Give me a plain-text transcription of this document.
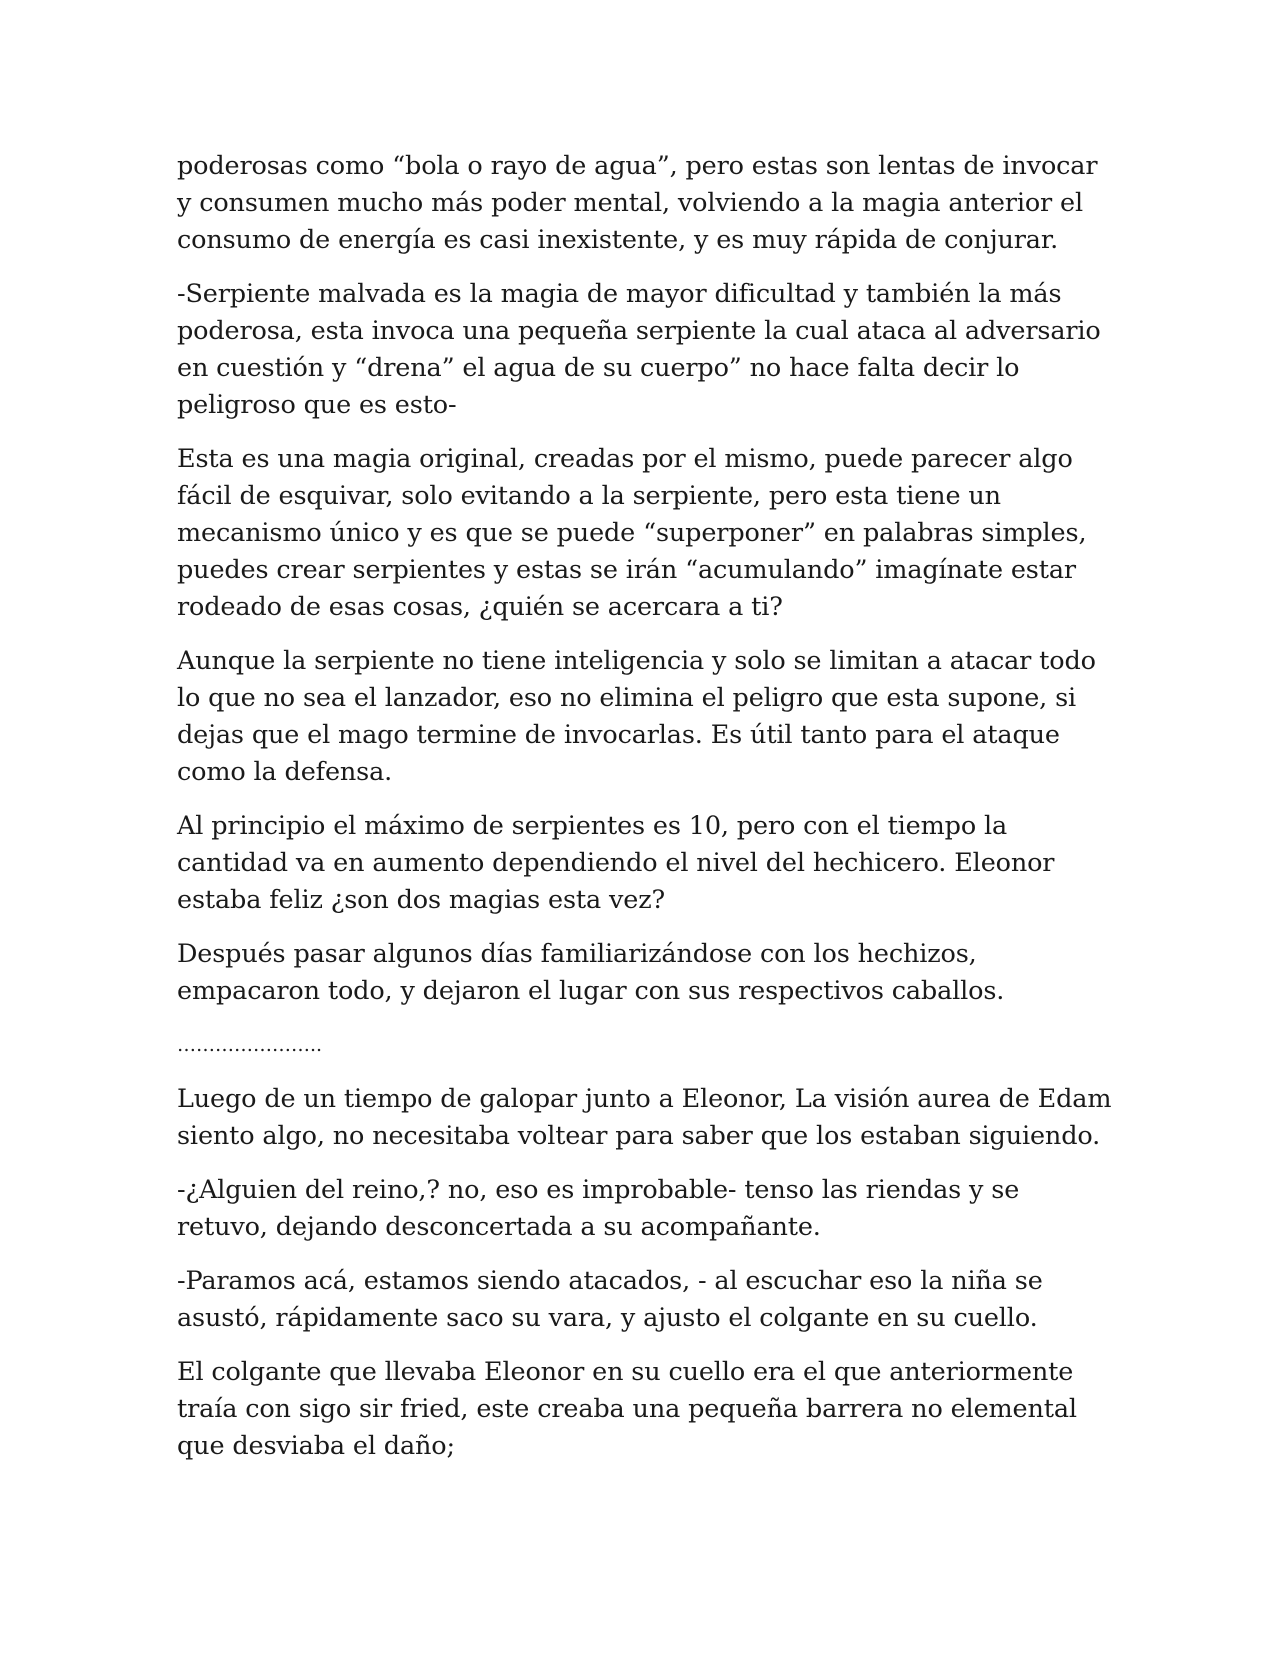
poderosas como “bola o rayo de agua”, pero estas son lentas de invocar y consumen mucho más poder mental, volviendo a la magia anterior el consumo de energía es casi inexistente, y es muy rápida de conjurar.

-Serpiente malvada es la magia de mayor dificultad y también la más poderosa, esta invoca una pequeña serpiente la cual ataca al adversario en cuestión y “drena” el agua de su cuerpo” no hace falta decir lo peligroso que es esto-

Esta es una magia original, creadas por el mismo, puede parecer algo fácil de esquivar, solo evitando a la serpiente, pero esta tiene un mecanismo único y es que se puede “superponer” en palabras simples, puedes crear serpientes y estas se irán “acumulando” imagínate estar rodeado de esas cosas, ¿quién se acercara a ti?

Aunque la serpiente no tiene inteligencia y solo se limitan a atacar todo lo que no sea el lanzador, eso no elimina el peligro que esta supone, si dejas que el mago termine de invocarlas. Es útil tanto para el ataque como la defensa.

Al principio el máximo de serpientes es 10, pero con el tiempo la cantidad va en aumento dependiendo el nivel del hechicero. Eleonor estaba feliz ¿son dos magias esta vez?

Después pasar algunos días familiarizándose con los hechizos, empacaron todo, y dejaron el lugar con sus respectivos caballos.

…………………..

Luego de un tiempo de galopar junto a Eleonor, La visión aurea de Edam siento algo, no necesitaba voltear para saber que los estaban siguiendo.

-¿Alguien del reino,? no, eso es improbable- tenso las riendas y se retuvo, dejando desconcertada a su acompañante.

-Paramos acá, estamos siendo atacados, - al escuchar eso la niña se asustó, rápidamente saco su vara, y ajusto el colgante en su cuello.

El colgante que llevaba Eleonor en su cuello era el que anteriormente traía con sigo sir fried, este creaba una pequeña barrera no elemental que desviaba el daño;
